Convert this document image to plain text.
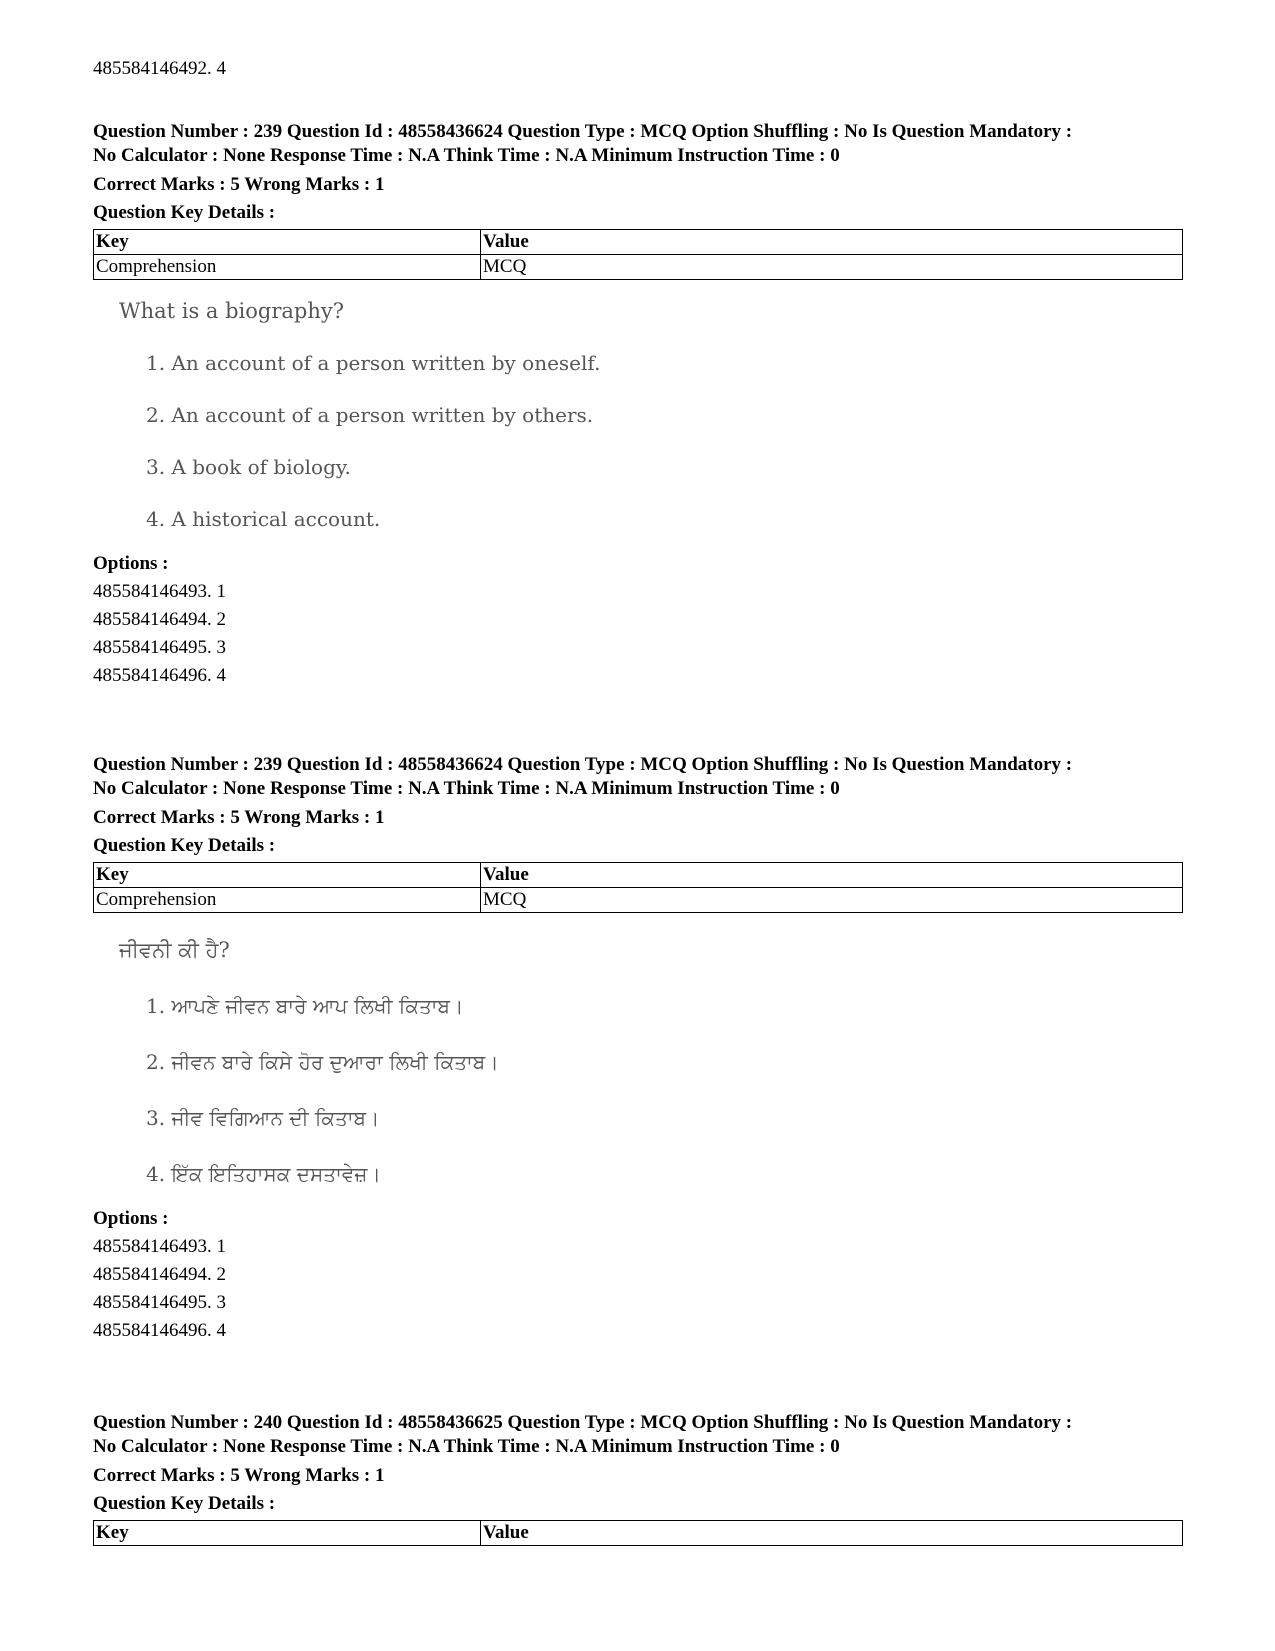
485584146492. 4

Question Number : 239 Question Id : 48558436624 Question Type : MCQ Option Shuffling : No Is Question Mandatory :

No Calculator : None Response Time : N.A Think Time : N.A Minimum Instruction Time : 0

Correct Marks : 5 Wrong Marks : 1

Question Key Details :

Key	Value
Comprehension	MCQ
What is a biography?
1. An account of a person written by oneself.
2. An account of a person written by others.
3. A book of biology.
4. A historical account.
Options :
485584146493. 1
485584146494. 2
485584146495. 3
485584146496. 4

Question Number : 239 Question Id : 48558436624 Question Type : MCQ Option Shuffling : No Is Question Mandatory :

No Calculator : None Response Time : N.A Think Time : N.A Minimum Instruction Time : 0

Correct Marks : 5 Wrong Marks : 1

Question Key Details :

Key	Value
Comprehension	MCQ
ਜੀਵਨੀ ਕੀ ਹੈ?
1. ਆਪਣੇ ਜੀਵਨ ਬਾਰੇ ਆਪ ਲਿਖੀ ਕਿਤਾਬ।
2. ਜੀਵਨ ਬਾਰੇ ਕਿਸੇ ਹੋਰ ਦੁਆਰਾ ਲਿਖੀ ਕਿਤਾਬ।
3. ਜੀਵ ਵਿਗਿਆਨ ਦੀ ਕਿਤਾਬ।
4. ਇੱਕ ਇਤਿਹਾਸਕ ਦਸਤਾਵੇਜ਼।
Options :
485584146493. 1
485584146494. 2
485584146495. 3
485584146496. 4

Question Number : 240 Question Id : 48558436625 Question Type : MCQ Option Shuffling : No Is Question Mandatory :

No Calculator : None Response Time : N.A Think Time : N.A Minimum Instruction Time : 0

Correct Marks : 5 Wrong Marks : 1

Question Key Details :

Key	Value
